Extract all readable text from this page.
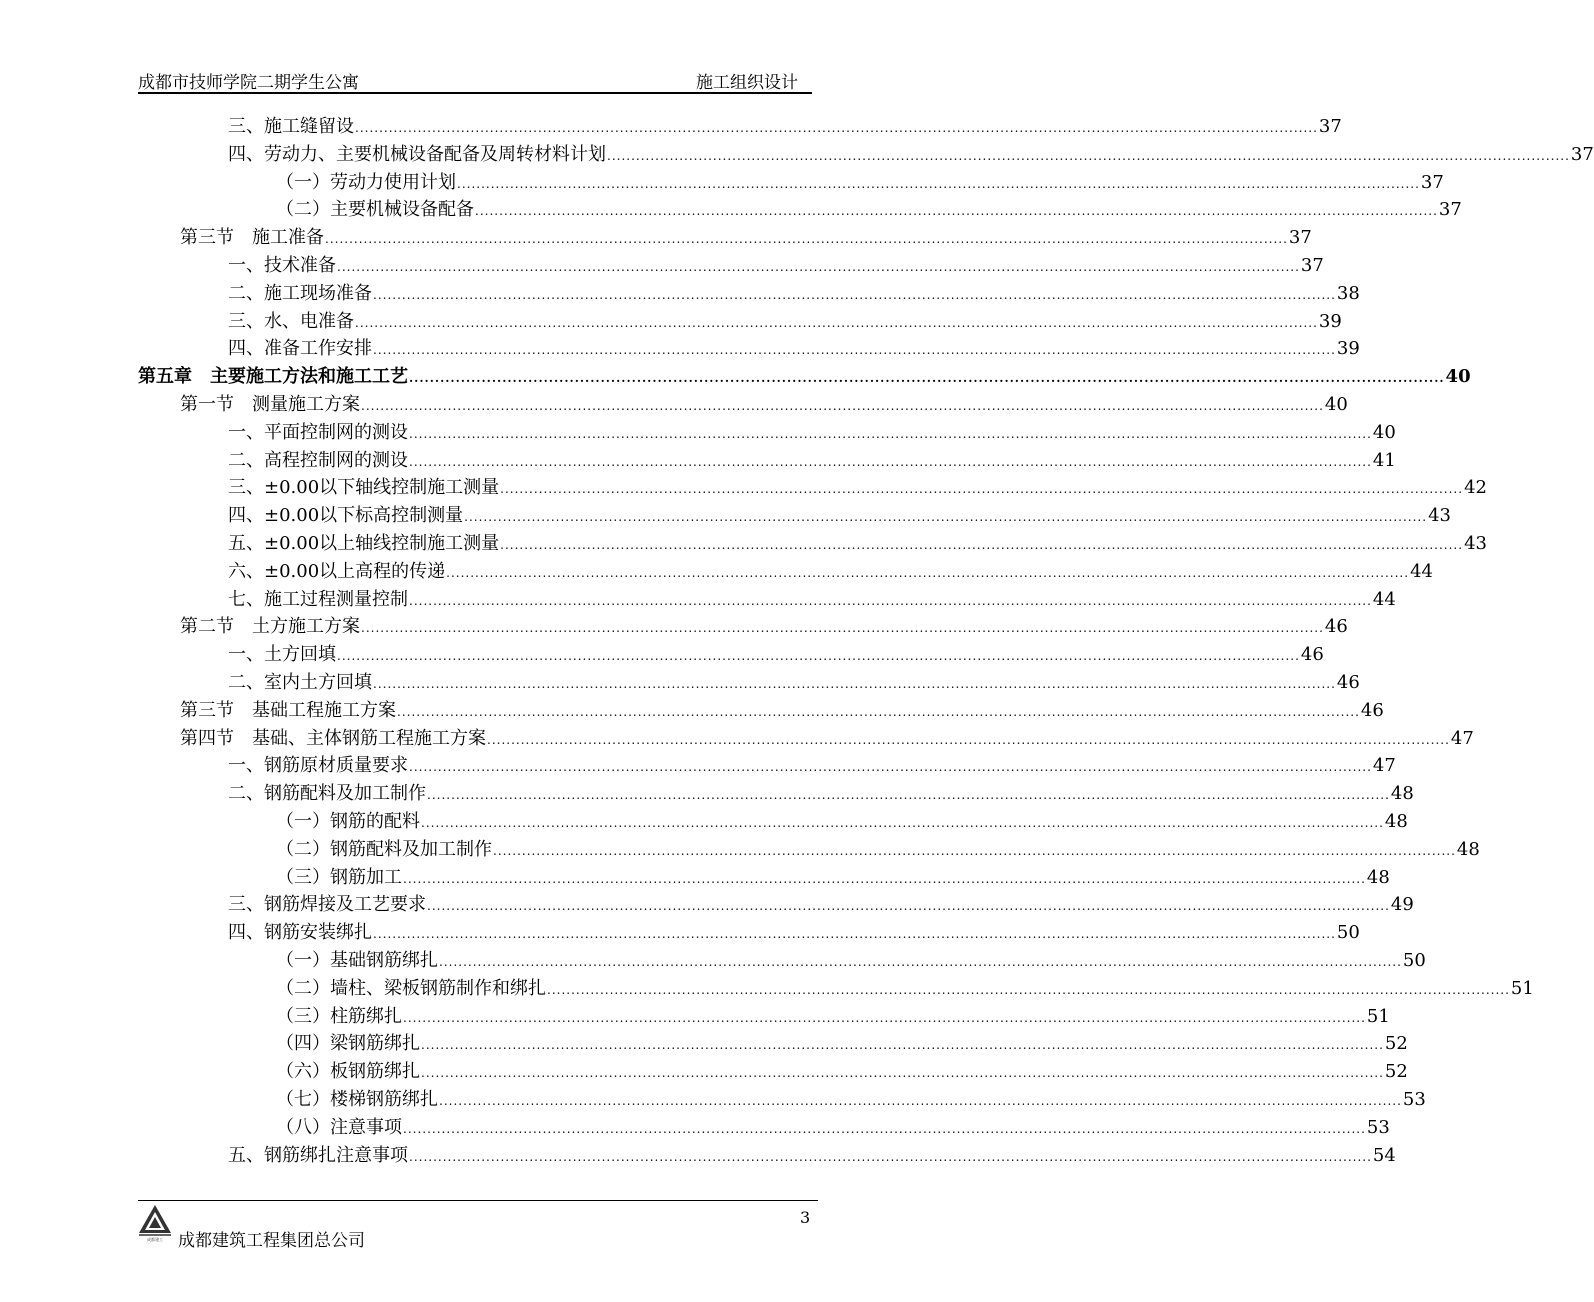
成都市技师学院二期学生公寓	施工组织设计
三、施工缝留设 ........................................................................................................................................................................................................ 37
四、劳动力、主要机械设备配备及周转材料计划 ........................................................................................................................................................................................................ 37
（一）劳动力使用计划 ........................................................................................................................................................................................................ 37
（二）主要机械设备配备 ........................................................................................................................................................................................................ 37
第三节　施工准备 ........................................................................................................................................................................................................ 37
一、技术准备 ........................................................................................................................................................................................................ 37
二、施工现场准备 ........................................................................................................................................................................................................ 38
三、水、电准备 ........................................................................................................................................................................................................ 39
四、准备工作安排 ........................................................................................................................................................................................................ 39
第五章　主要施工方法和施工工艺 ........................................................................................................................................................................................................ 40
第一节　测量施工方案 ........................................................................................................................................................................................................ 40
一、平面控制网的测设 ........................................................................................................................................................................................................ 40
二、高程控制网的测设 ........................................................................................................................................................................................................ 41
三、±0.00以下轴线控制施工测量 ........................................................................................................................................................................................................ 42
四、±0.00以下标高控制测量 ........................................................................................................................................................................................................ 43
五、±0.00以上轴线控制施工测量 ........................................................................................................................................................................................................ 43
六、±0.00以上高程的传递 ........................................................................................................................................................................................................ 44
七、施工过程测量控制 ........................................................................................................................................................................................................ 44
第二节　土方施工方案 ........................................................................................................................................................................................................ 46
一、土方回填 ........................................................................................................................................................................................................ 46
二、室内土方回填 ........................................................................................................................................................................................................ 46
第三节　基础工程施工方案 ........................................................................................................................................................................................................ 46
第四节　基础、主体钢筋工程施工方案 ........................................................................................................................................................................................................ 47
一、钢筋原材质量要求 ........................................................................................................................................................................................................ 47
二、钢筋配料及加工制作 ........................................................................................................................................................................................................ 48
（一）钢筋的配料 ........................................................................................................................................................................................................ 48
（二）钢筋配料及加工制作 ........................................................................................................................................................................................................ 48
（三）钢筋加工 ........................................................................................................................................................................................................ 48
三、钢筋焊接及工艺要求 ........................................................................................................................................................................................................ 49
四、钢筋安装绑扎 ........................................................................................................................................................................................................ 50
（一）基础钢筋绑扎 ........................................................................................................................................................................................................ 50
（二）墙柱、梁板钢筋制作和绑扎 ........................................................................................................................................................................................................ 51
（三）柱筋绑扎 ........................................................................................................................................................................................................ 51
（四）梁钢筋绑扎 ........................................................................................................................................................................................................ 52
（六）板钢筋绑扎 ........................................................................................................................................................................................................ 52
（七）楼梯钢筋绑扎 ........................................................................................................................................................................................................ 53
（八）注意事项 ........................................................................................................................................................................................................ 53
五、钢筋绑扎注意事项 ........................................................................................................................................................................................................ 54
3
成都建工 成都建筑工程集团总公司
